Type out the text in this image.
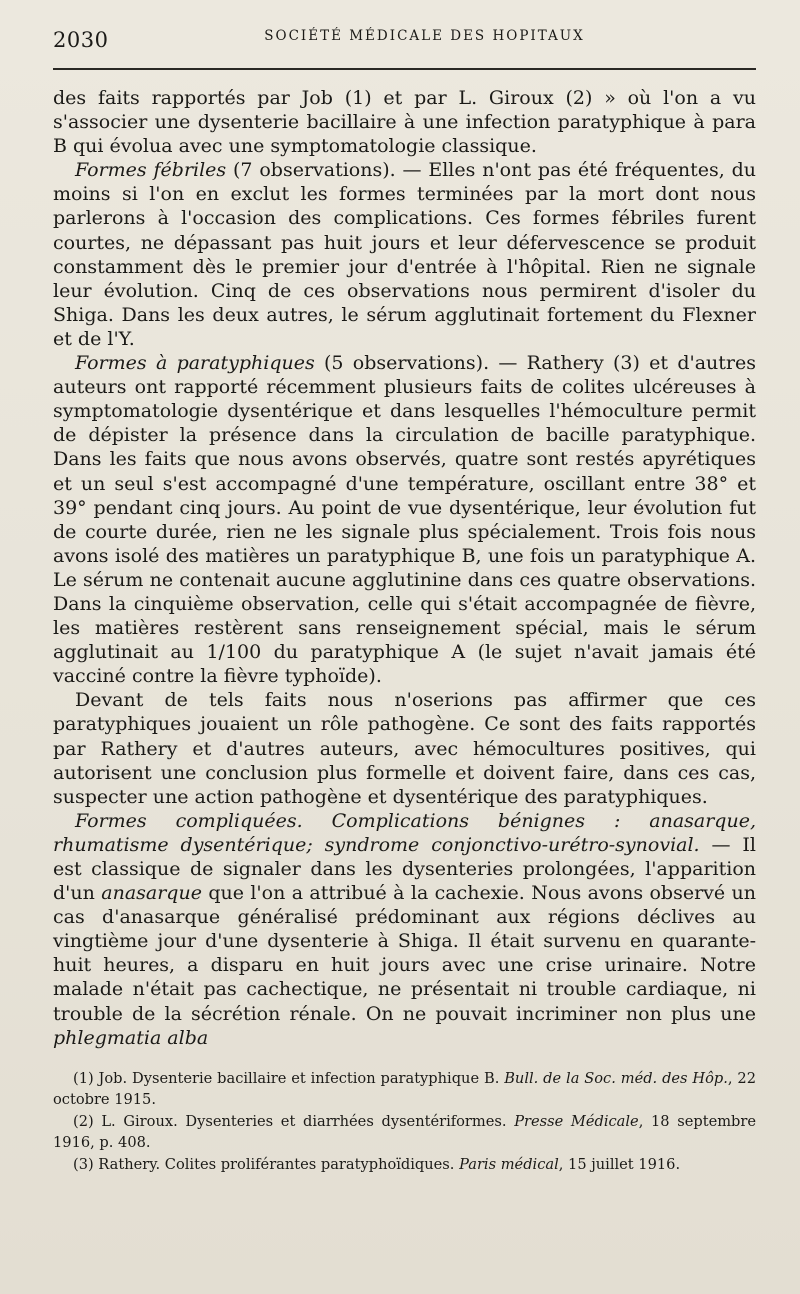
2030	SOCIÉTÉ MÉDICALE DES HOPITAUX

des faits rapportés par Job (1) et par L. Giroux (2) » où l'on a vu s'associer une dysenterie bacillaire à une infection paratyphique à para B qui évolua avec une symptomatologie classique.

Formes fébriles (7 observations). — Elles n'ont pas été fréquentes, du moins si l'on en exclut les formes terminées par la mort dont nous parlerons à l'occasion des complications. Ces formes fébriles furent courtes, ne dépassant pas huit jours et leur défervescence se produit constamment dès le premier jour d'entrée à l'hôpital. Rien ne signale leur évolution. Cinq de ces observations nous permirent d'isoler du Shiga. Dans les deux autres, le sérum agglutinait fortement du Flexner et de l'Y.

Formes à paratyphiques (5 observations). — Rathery (3) et d'autres auteurs ont rapporté récemment plusieurs faits de colites ulcéreuses à symptomatologie dysentérique et dans lesquelles l'hémoculture permit de dépister la présence dans la circulation de bacille paratyphique. Dans les faits que nous avons observés, quatre sont restés apyrétiques et un seul s'est accompagné d'une température, oscillant entre 38° et 39° pendant cinq jours. Au point de vue dysentérique, leur évolution fut de courte durée, rien ne les signale plus spécialement. Trois fois nous avons isolé des matières un paratyphique B, une fois un paratyphique A. Le sérum ne contenait aucune agglutinine dans ces quatre observations. Dans la cinquième observation, celle qui s'était accompagnée de fièvre, les matières restèrent sans renseignement spécial, mais le sérum agglutinait au 1/100 du paratyphique A (le sujet n'avait jamais été vacciné contre la fièvre typhoïde).

Devant de tels faits nous n'oserions pas affirmer que ces paratyphiques jouaient un rôle pathogène. Ce sont des faits rapportés par Rathery et d'autres auteurs, avec hémocultures positives, qui autorisent une conclusion plus formelle et doivent faire, dans ces cas, suspecter une action pathogène et dysentérique des paratyphiques.

Formes compliquées. Complications bénignes : anasarque, rhumatisme dysentérique; syndrome conjonctivo-urétro-synovial. — Il est classique de signaler dans les dysenteries prolongées, l'apparition d'un anasarque que l'on a attribué à la cachexie. Nous avons observé un cas d'anasarque généralisé prédominant aux régions déclives au vingtième jour d'une dysenterie à Shiga. Il était survenu en quarante-huit heures, a disparu en huit jours avec une crise urinaire. Notre malade n'était pas cachectique, ne présentait ni trouble cardiaque, ni trouble de la sécrétion rénale. On ne pouvait incriminer non plus une phlegmatia alba

(1) Job. Dysenterie bacillaire et infection paratyphique B. Bull. de la Soc. méd. des Hôp., 22 octobre 1915.

(2) L. Giroux. Dysenteries et diarrhées dysentériformes. Presse Médicale, 18 septembre 1916, p. 408.

(3) Rathery. Colites proliférantes paratyphoïdiques. Paris médical, 15 juillet 1916.
